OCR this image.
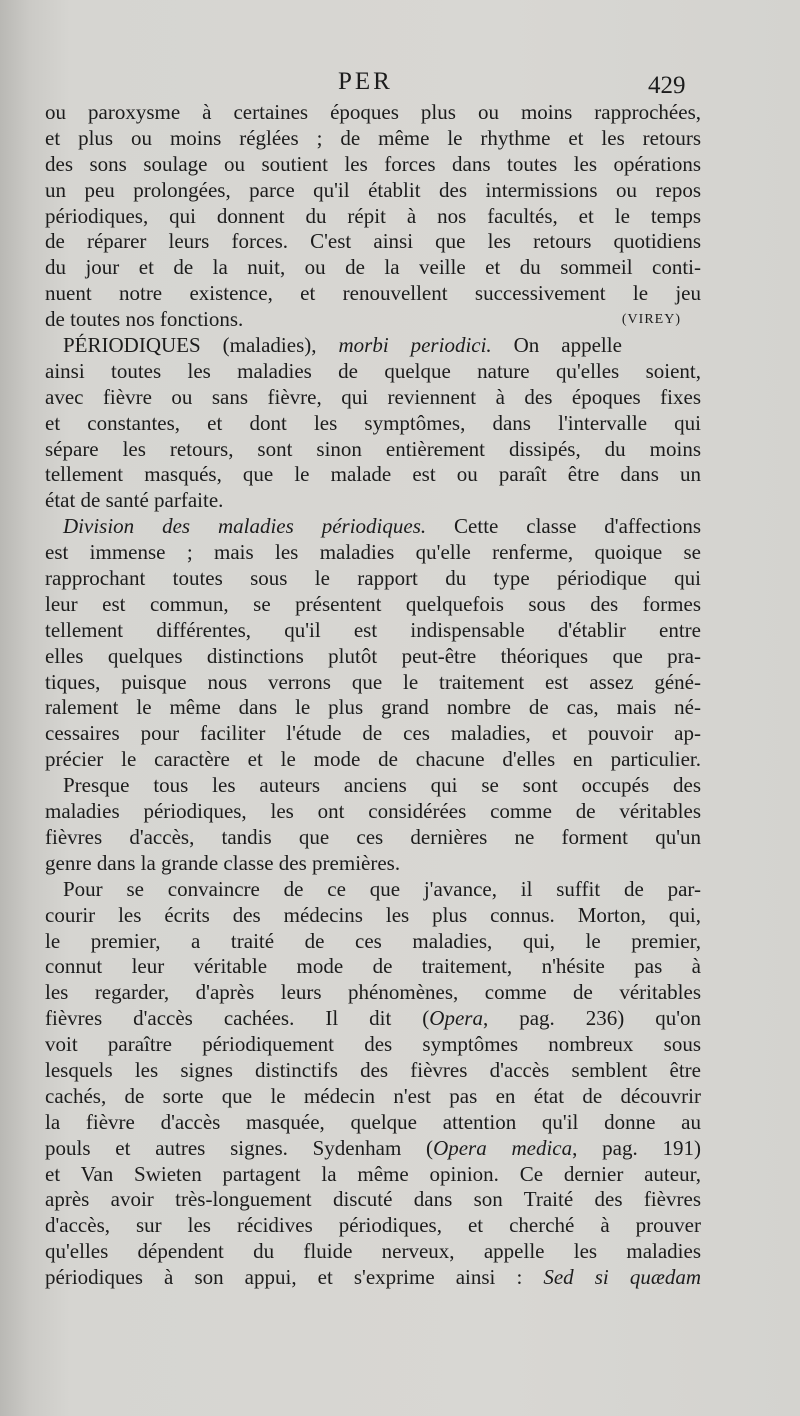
PER	429
ou paroxysme à certaines époques plus ou moins rapprochées,
et plus ou moins réglées ; de même le rhythme et les retours
des sons soulage ou soutient les forces dans toutes les opérations
un peu prolongées, parce qu'il établit des intermissions ou repos
périodiques, qui donnent du répit à nos facultés, et le temps
de réparer leurs forces. C'est ainsi que les retours quotidiens
du jour et de la nuit, ou de la veille et du sommeil conti-
nuent notre existence, et renouvellent successivement le jeu
de toutes nos fonctions.	(VIREY)
PÉRIODIQUES (maladies), morbi periodici. On appelle
ainsi toutes les maladies de quelque nature qu'elles soient,
avec fièvre ou sans fièvre, qui reviennent à des époques fixes
et constantes, et dont les symptômes, dans l'intervalle qui
sépare les retours, sont sinon entièrement dissipés, du moins
tellement masqués, que le malade est ou paraît être dans un
état de santé parfaite.
Division des maladies périodiques. Cette classe d'affections
est immense ; mais les maladies qu'elle renferme, quoique se
rapprochant toutes sous le rapport du type périodique qui
leur est commun, se présentent quelquefois sous des formes
tellement différentes, qu'il est indispensable d'établir entre
elles quelques distinctions plutôt peut-être théoriques que pra-
tiques, puisque nous verrons que le traitement est assez géné-
ralement le même dans le plus grand nombre de cas, mais né-
cessaires pour faciliter l'étude de ces maladies, et pouvoir ap-
précier le caractère et le mode de chacune d'elles en particulier.
Presque tous les auteurs anciens qui se sont occupés des
maladies périodiques, les ont considérées comme de véritables
fièvres d'accès, tandis que ces dernières ne forment qu'un
genre dans la grande classe des premières.
Pour se convaincre de ce que j'avance, il suffit de par-
courir les écrits des médecins les plus connus. Morton, qui,
le premier, a traité de ces maladies, qui, le premier,
connut leur véritable mode de traitement, n'hésite pas à
les regarder, d'après leurs phénomènes, comme de véritables
fièvres d'accès cachées. Il dit (Opera, pag. 236) qu'on
voit paraître périodiquement des symptômes nombreux sous
lesquels les signes distinctifs des fièvres d'accès semblent être
cachés, de sorte que le médecin n'est pas en état de découvrir
la fièvre d'accès masquée, quelque attention qu'il donne au
pouls et autres signes. Sydenham (Opera medica, pag. 191)
et Van Swieten partagent la même opinion. Ce dernier auteur,
après avoir très-longuement discuté dans son Traité des fièvres
d'accès, sur les récidives périodiques, et cherché à prouver
qu'elles dépendent du fluide nerveux, appelle les maladies
périodiques à son appui, et s'exprime ainsi : Sed si quædam
